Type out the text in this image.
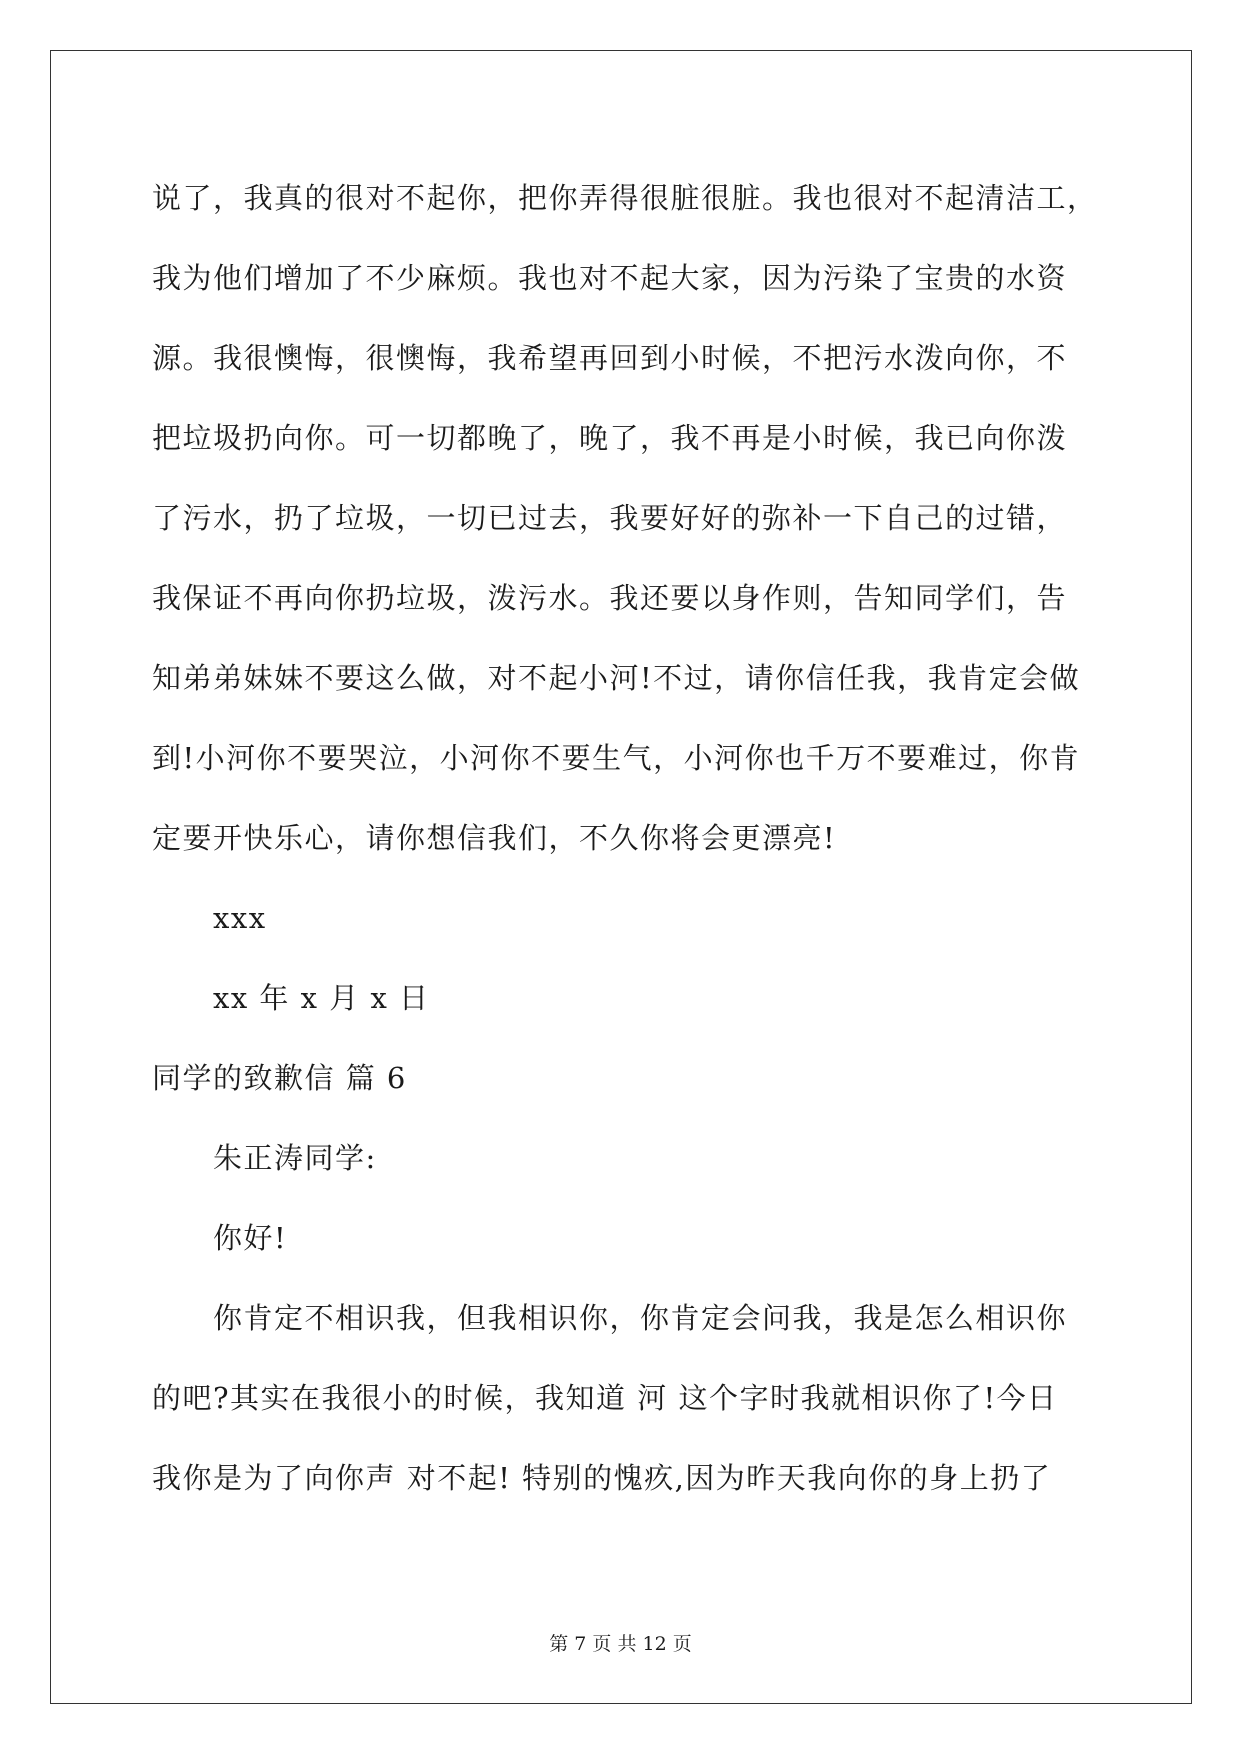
说了，我真的很对不起你，把你弄得很脏很脏。我也很对不起清洁工，

我为他们增加了不少麻烦。我也对不起大家，因为污染了宝贵的水资

源。我很懊悔，很懊悔，我希望再回到小时候，不把污水泼向你，不

把垃圾扔向你。可一切都晚了，晚了，我不再是小时候，我已向你泼

了污水，扔了垃圾，一切已过去，我要好好的弥补一下自己的过错，

我保证不再向你扔垃圾，泼污水。我还要以身作则，告知同学们，告

知弟弟妹妹不要这么做，对不起小河!不过，请你信任我，我肯定会做

到!小河你不要哭泣，小河你不要生气，小河你也千万不要难过，你肯

定要开快乐心，请你想信我们，不久你将会更漂亮!

xxx

xx 年 x 月 x 日

同学的致歉信 篇 6

朱正涛同学:

你好!

你肯定不相识我，但我相识你，你肯定会问我，我是怎么相识你

的吧?其实在我很小的时候，我知道 河 这个字时我就相识你了!今日

我你是为了向你声 对不起! 特别的愧疚,因为昨天我向你的身上扔了

第 7 页 共 12 页
